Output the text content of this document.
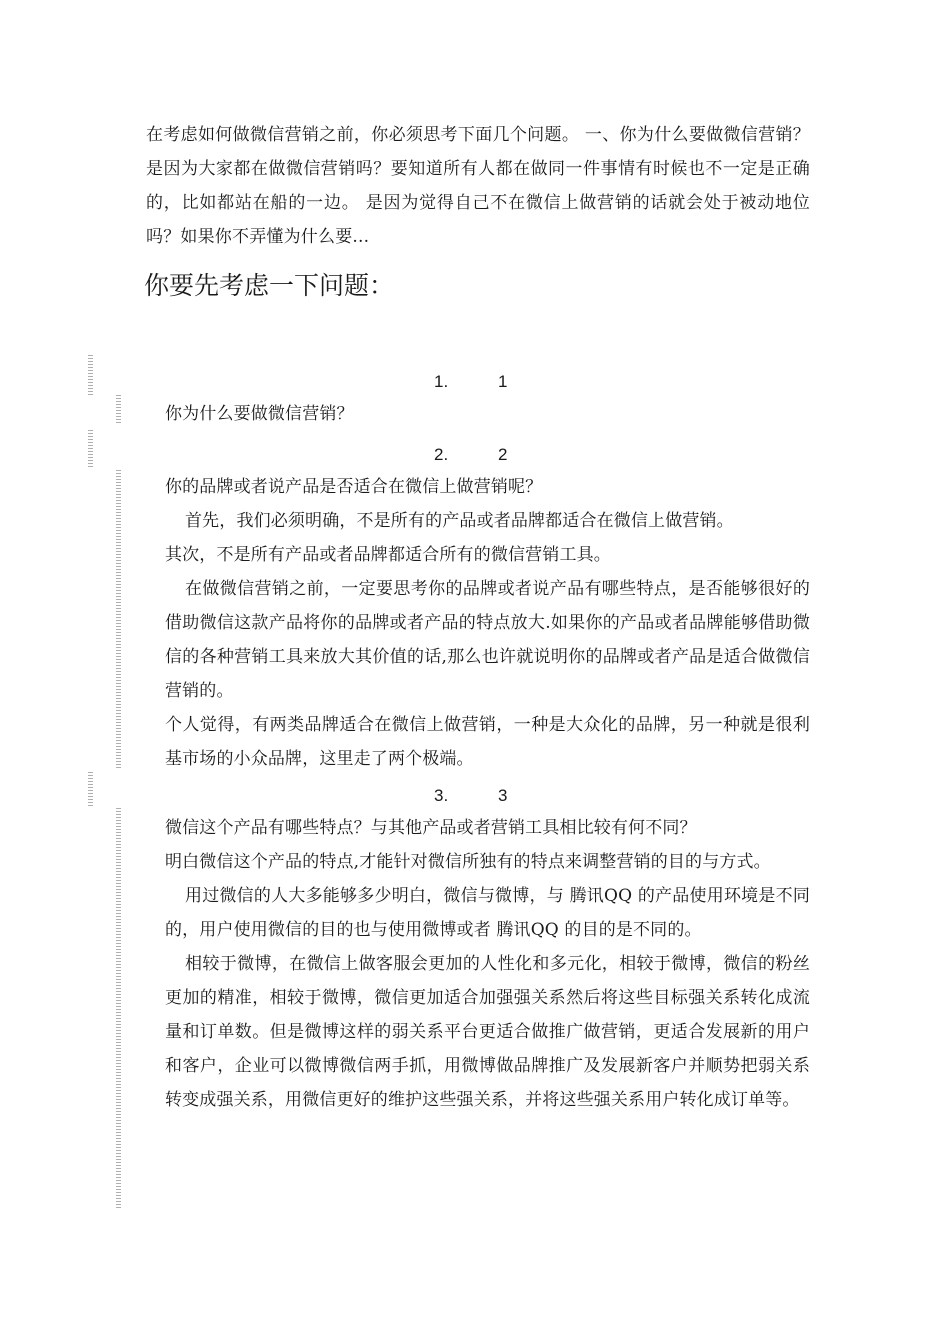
在考虑如何做微信营销之前，你必须思考下面几个问题。 一、你为什么要做微信营销？ 是因为大家都在做微信营销吗？要知道所有人都在做同一件事情有时候也不一定是正确的，比如都站在船的一边。 是因为觉得自己不在微信上做营销的话就会处于被动地位吗？如果你不弄懂为什么要...
你要先考虑一下问题：
1.	1

你为什么要做微信营销？

2.	2

你的品牌或者说产品是否适合在微信上做营销呢？

首先，我们必须明确，不是所有的产品或者品牌都适合在微信上做营销。

其次，不是所有产品或者品牌都适合所有的微信营销工具。

在做微信营销之前，一定要思考你的品牌或者说产品有哪些特点，是否能够很好的借助微信这款产品将你的品牌或者产品的特点放大.如果你的产品或者品牌能够借助微信的各种营销工具来放大其价值的话,那么也许就说明你的品牌或者产品是适合做微信营销的。

个人觉得，有两类品牌适合在微信上做营销，一种是大众化的品牌，另一种就是很利基市场的小众品牌，这里走了两个极端。

3.	3

微信这个产品有哪些特点？与其他产品或者营销工具相比较有何不同？

明白微信这个产品的特点,才能针对微信所独有的特点来调整营销的目的与方式。

用过微信的人大多能够多少明白，微信与微博，与 腾讯QQ 的产品使用环境是不同的，用户使用微信的目的也与使用微博或者 腾讯QQ 的目的是不同的。

相较于微博，在微信上做客服会更加的人性化和多元化，相较于微博，微信的粉丝更加的精准，相较于微博，微信更加适合加强强关系然后将这些目标强关系转化成流量和订单数。但是微博这样的弱关系平台更适合做推广做营销，更适合发展新的用户和客户，企业可以微博微信两手抓，用微博做品牌推广及发展新客户并顺势把弱关系转变成强关系，用微信更好的维护这些强关系，并将这些强关系用户转化成订单等。
